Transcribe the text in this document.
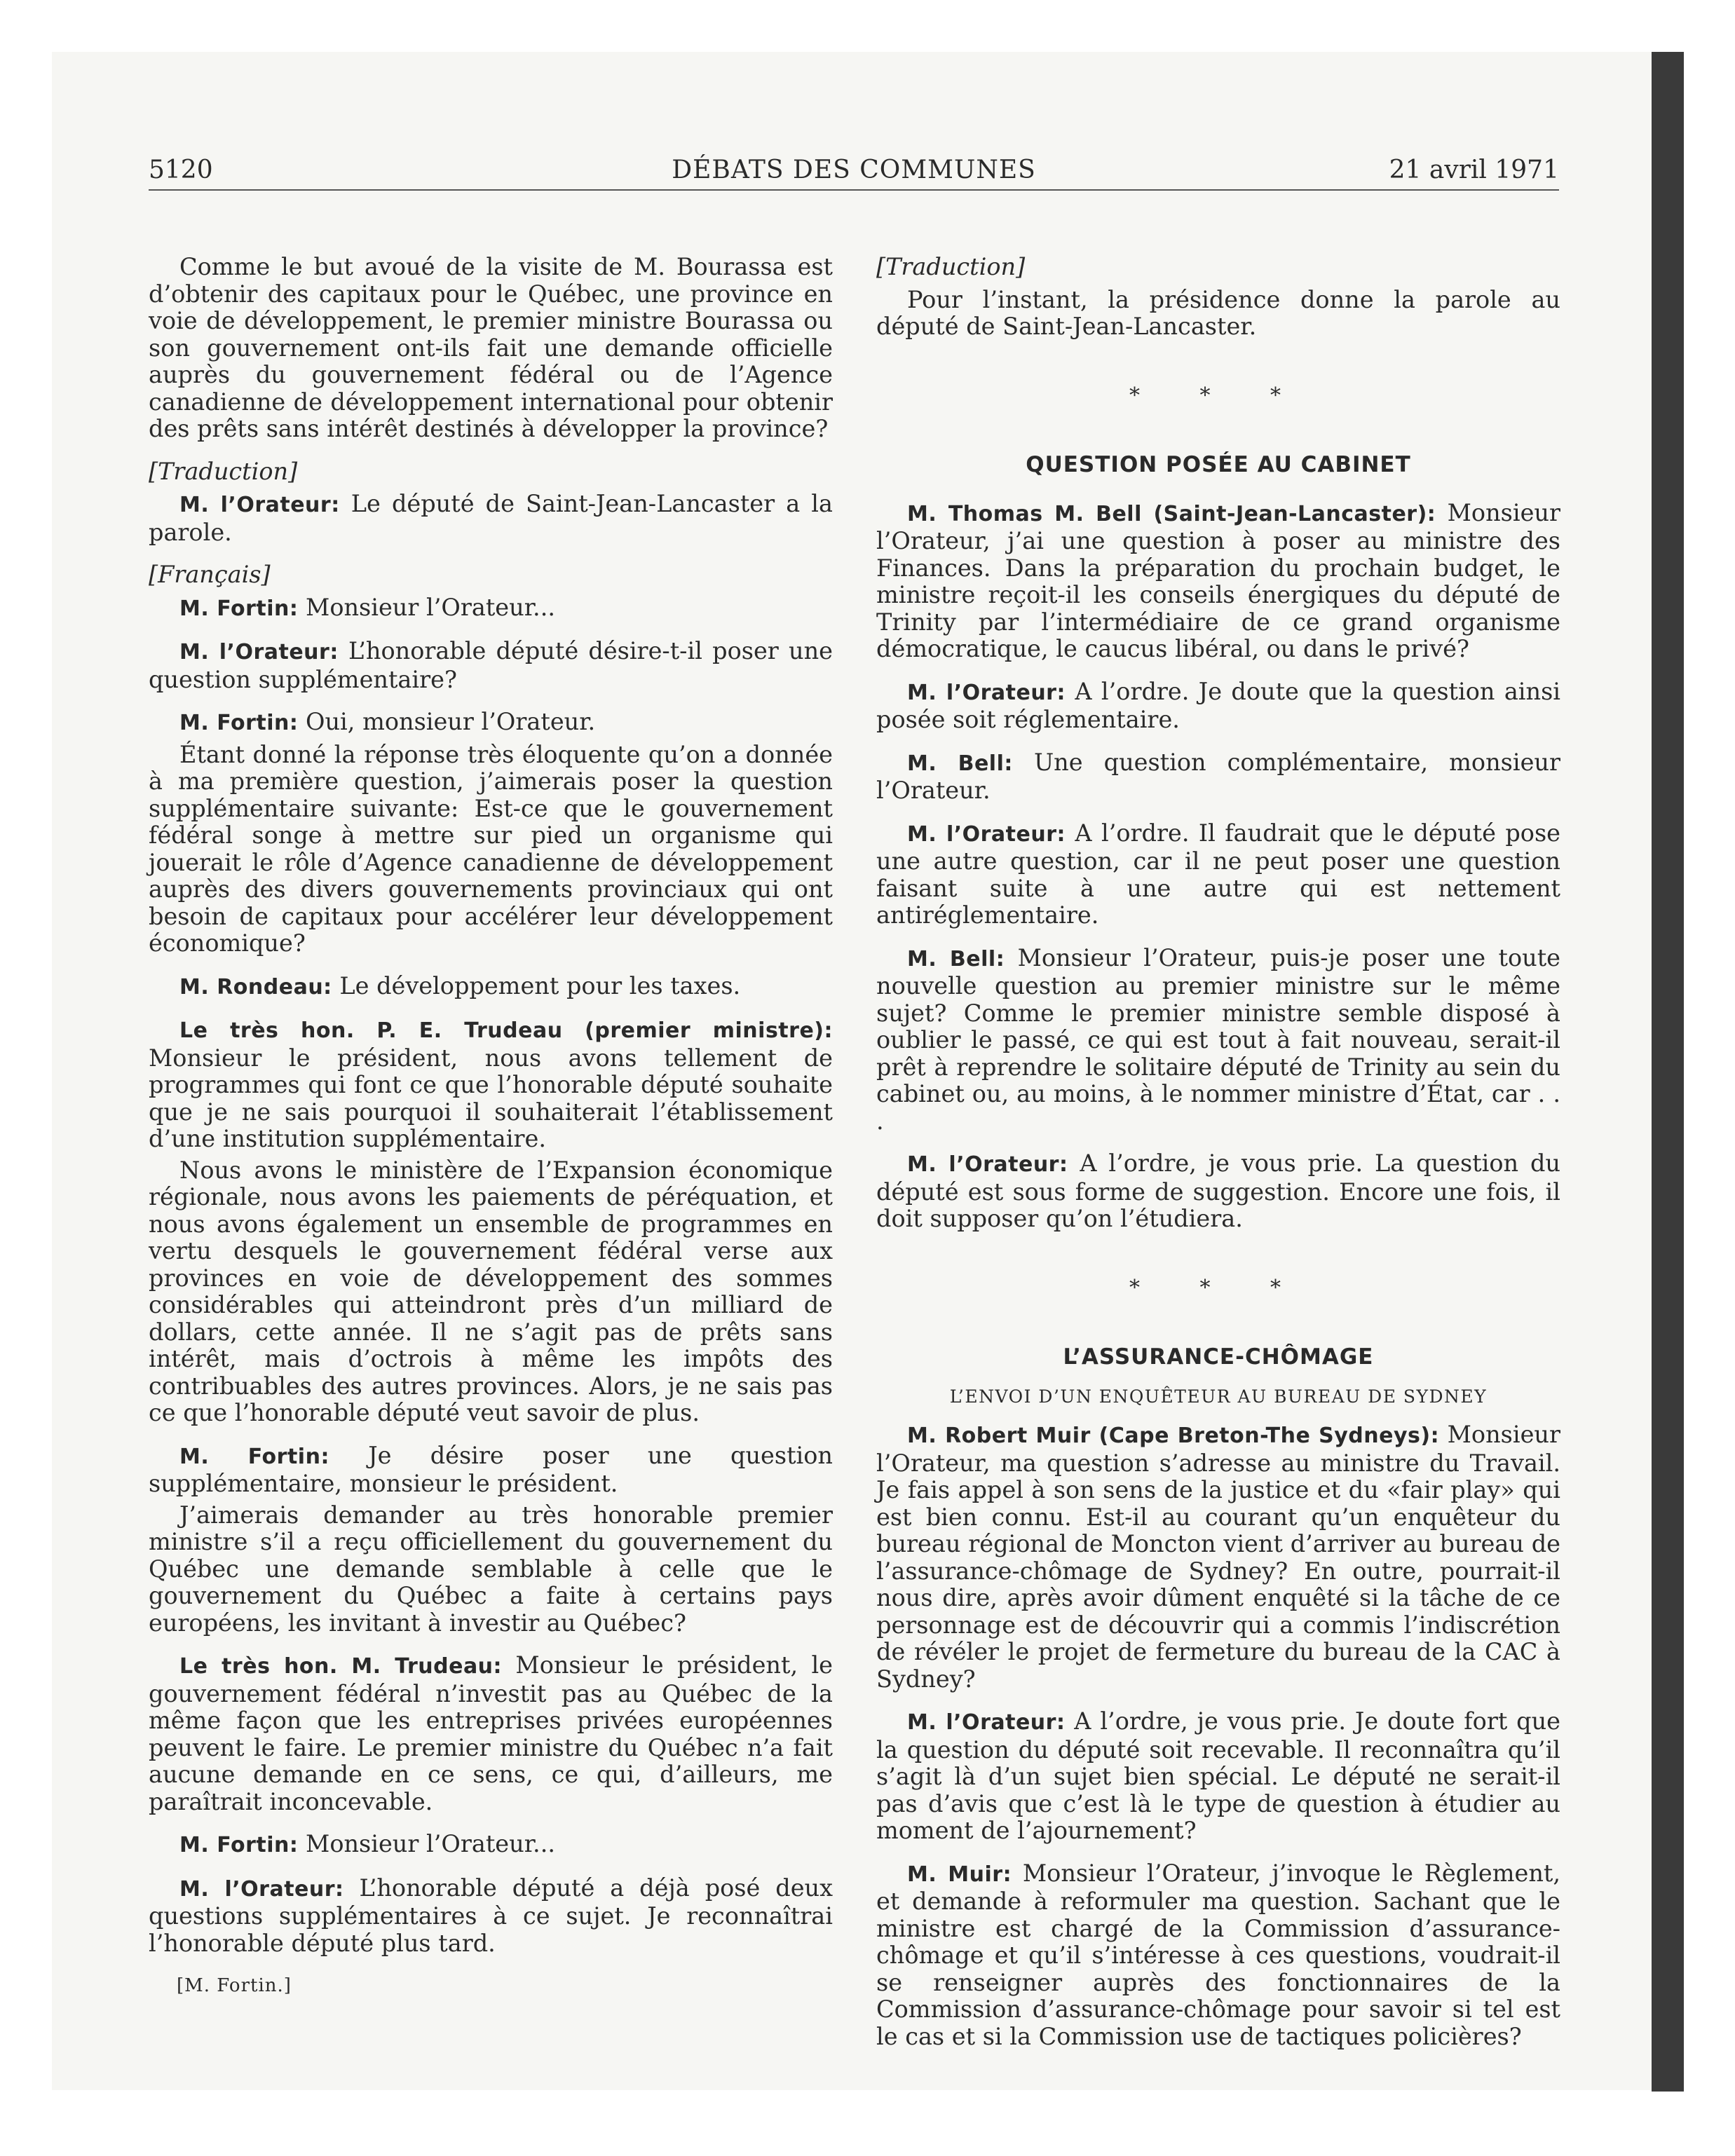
5120	DÉBATS DES COMMUNES	21 avril 1971

Comme le but avoué de la visite de M. Bourassa est d’obtenir des capitaux pour le Québec, une province en voie de développement, le premier ministre Bourassa ou son gouvernement ont-ils fait une demande officielle auprès du gouvernement fédéral ou de l’Agence canadienne de développement international pour obtenir des prêts sans intérêt destinés à développer la province?

[Traduction]

M. l’Orateur: Le député de Saint-Jean-Lancaster a la parole.

[Français]

M. Fortin: Monsieur l’Orateur...

M. l’Orateur: L’honorable député désire-t-il poser une question supplémentaire?

M. Fortin: Oui, monsieur l’Orateur.

Étant donné la réponse très éloquente qu’on a donnée à ma première question, j’aimerais poser la question supplémentaire suivante: Est-ce que le gouvernement fédéral songe à mettre sur pied un organisme qui jouerait le rôle d’Agence canadienne de développement auprès des divers gouvernements provinciaux qui ont besoin de capitaux pour accélérer leur développement économique?

M. Rondeau: Le développement pour les taxes.

Le très hon. P. E. Trudeau (premier ministre): Monsieur le président, nous avons tellement de programmes qui font ce que l’honorable député souhaite que je ne sais pourquoi il souhaiterait l’établissement d’une institution supplémentaire.

Nous avons le ministère de l’Expansion économique régionale, nous avons les paiements de péréquation, et nous avons également un ensemble de programmes en vertu desquels le gouvernement fédéral verse aux provinces en voie de développement des sommes considérables qui atteindront près d’un milliard de dollars, cette année. Il ne s’agit pas de prêts sans intérêt, mais d’octrois à même les impôts des contribuables des autres provinces. Alors, je ne sais pas ce que l’honorable député veut savoir de plus.

M. Fortin: Je désire poser une question supplémentaire, monsieur le président.

J’aimerais demander au très honorable premier ministre s’il a reçu officiellement du gouvernement du Québec une demande semblable à celle que le gouvernement du Québec a faite à certains pays européens, les invitant à investir au Québec?

Le très hon. M. Trudeau: Monsieur le président, le gouvernement fédéral n’investit pas au Québec de la même façon que les entreprises privées européennes peuvent le faire. Le premier ministre du Québec n’a fait aucune demande en ce sens, ce qui, d’ailleurs, me paraîtrait inconcevable.

M. Fortin: Monsieur l’Orateur...

M. l’Orateur: L’honorable député a déjà posé deux questions supplémentaires à ce sujet. Je reconnaîtrai l’honorable député plus tard.

[M. Fortin.]
[Traduction]

Pour l’instant, la présidence donne la parole au député de Saint-Jean-Lancaster.

* * *
QUESTION POSÉE AU CABINET

M. Thomas M. Bell (Saint-Jean-Lancaster): Monsieur l’Orateur, j’ai une question à poser au ministre des Finances. Dans la préparation du prochain budget, le ministre reçoit-il les conseils énergiques du député de Trinity par l’intermédiaire de ce grand organisme démocratique, le caucus libéral, ou dans le privé?

M. l’Orateur: A l’ordre. Je doute que la question ainsi posée soit réglementaire.

M. Bell: Une question complémentaire, monsieur l’Orateur.

M. l’Orateur: A l’ordre. Il faudrait que le député pose une autre question, car il ne peut poser une question faisant suite à une autre qui est nettement antiréglementaire.

M. Bell: Monsieur l’Orateur, puis-je poser une toute nouvelle question au premier ministre sur le même sujet? Comme le premier ministre semble disposé à oublier le passé, ce qui est tout à fait nouveau, serait-il prêt à reprendre le solitaire député de Trinity au sein du cabinet ou, au moins, à le nommer ministre d’État, car . . .

M. l’Orateur: A l’ordre, je vous prie. La question du député est sous forme de suggestion. Encore une fois, il doit supposer qu’on l’étudiera.

* * *
L’ASSURANCE-CHÔMAGE
L’ENVOI D’UN ENQUÊTEUR AU BUREAU DE SYDNEY

M. Robert Muir (Cape Breton-The Sydneys): Monsieur l’Orateur, ma question s’adresse au ministre du Travail. Je fais appel à son sens de la justice et du «fair play» qui est bien connu. Est-il au courant qu’un enquêteur du bureau régional de Moncton vient d’arriver au bureau de l’assurance-chômage de Sydney? En outre, pourrait-il nous dire, après avoir dûment enquêté si la tâche de ce personnage est de découvrir qui a commis l’indiscrétion de révéler le projet de fermeture du bureau de la CAC à Sydney?

M. l’Orateur: A l’ordre, je vous prie. Je doute fort que la question du député soit recevable. Il reconnaîtra qu’il s’agit là d’un sujet bien spécial. Le député ne serait-il pas d’avis que c’est là le type de question à étudier au moment de l’ajournement?

M. Muir: Monsieur l’Orateur, j’invoque le Règlement, et demande à reformuler ma question. Sachant que le ministre est chargé de la Commission d’assurance-chômage et qu’il s’intéresse à ces questions, voudrait-il se renseigner auprès des fonctionnaires de la Commission d’assurance-chômage pour savoir si tel est le cas et si la Commission use de tactiques policières?
